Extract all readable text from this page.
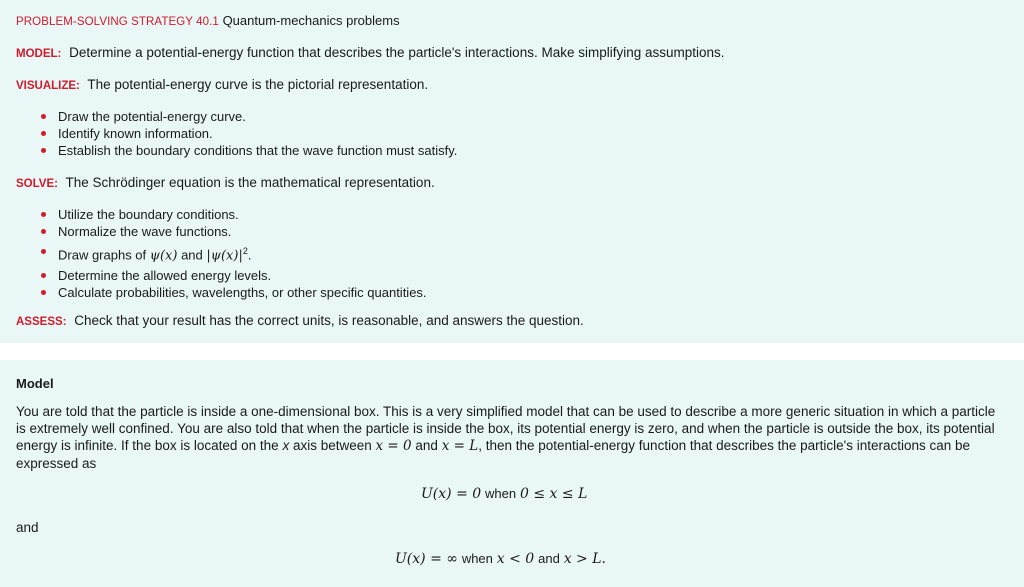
PROBLEM-SOLVING STRATEGY 40.1 Quantum-mechanics problems
MODEL: Determine a potential-energy function that describes the particle's interactions. Make simplifying assumptions.
VISUALIZE: The potential-energy curve is the pictorial representation.
Draw the potential-energy curve.
Identify known information.
Establish the boundary conditions that the wave function must satisfy.
SOLVE: The Schrödinger equation is the mathematical representation.
Utilize the boundary conditions.
Normalize the wave functions.
Draw graphs of ψ(x) and $|\psi(x)|^2$.
Determine the allowed energy levels.
Calculate probabilities, wavelengths, or other specific quantities.
ASSESS: Check that your result has the correct units, is reasonable, and answers the question.
Model
You are told that the particle is inside a one-dimensional box. This is a very simplified model that can be used to describe a more generic situation in which a particle is extremely well confined. You are also told that when the particle is inside the box, its potential energy is zero, and when the particle is outside the box, its potential energy is infinite. If the box is located on the x axis between x = 0 and x = L, then the potential-energy function that describes the particle's interactions can be expressed as
U(x) = 0 when 0 ≤ x ≤ L
and
U(x) = ∞ when x < 0 and x > L.
